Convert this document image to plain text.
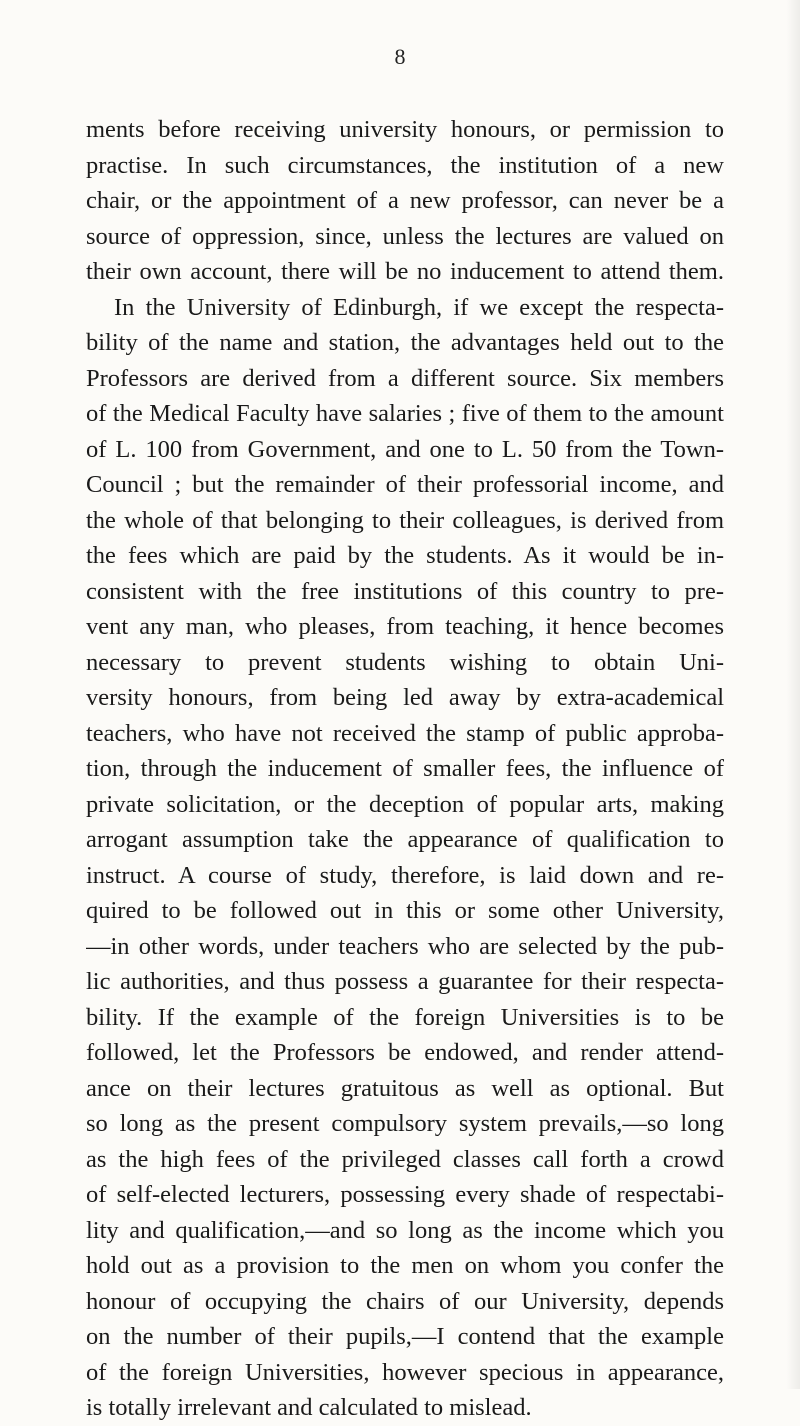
8
ments before receiving university honours, or permission to
practise. In such circumstances, the institution of a new
chair, or the appointment of a new professor, can never be a
source of oppression, since, unless the lectures are valued on
their own account, there will be no inducement to attend them.
In the University of Edinburgh, if we except the respecta-
bility of the name and station, the advantages held out to the
Professors are derived from a different source. Six members
of the Medical Faculty have salaries ; five of them to the amount
of L. 100 from Government, and one to L. 50 from the Town-
Council ; but the remainder of their professorial income, and
the whole of that belonging to their colleagues, is derived from
the fees which are paid by the students. As it would be in-
consistent with the free institutions of this country to pre-
vent any man, who pleases, from teaching, it hence becomes
necessary to prevent students wishing to obtain Uni-
versity honours, from being led away by extra-academical
teachers, who have not received the stamp of public approba-
tion, through the inducement of smaller fees, the influence of
private solicitation, or the deception of popular arts, making
arrogant assumption take the appearance of qualification to
instruct. A course of study, therefore, is laid down and re-
quired to be followed out in this or some other University,
—in other words, under teachers who are selected by the pub-
lic authorities, and thus possess a guarantee for their respecta-
bility. If the example of the foreign Universities is to be
followed, let the Professors be endowed, and render attend-
ance on their lectures gratuitous as well as optional. But
so long as the present compulsory system prevails,—so long
as the high fees of the privileged classes call forth a crowd
of self-elected lecturers, possessing every shade of respectabi-
lity and qualification,—and so long as the income which you
hold out as a provision to the men on whom you confer the
honour of occupying the chairs of our University, depends
on the number of their pupils,—I contend that the example
of the foreign Universities, however specious in appearance,
is totally irrelevant and calculated to mislead.
